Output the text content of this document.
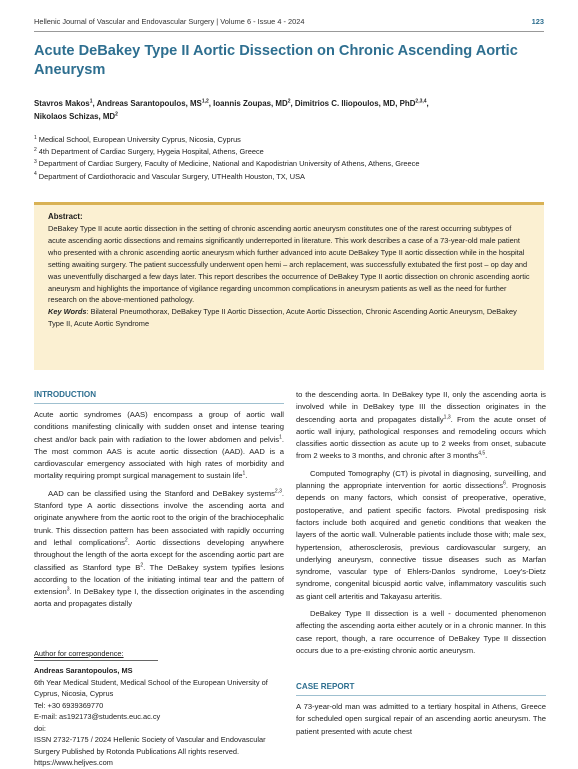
Hellenic Journal of Vascular and Endovascular Surgery | Volume 6 - Issue 4 - 2024	123
Acute DeBakey Type II Aortic Dissection on Chronic Ascending Aortic Aneurysm
Stavros Makos$^1$, Andreas Sarantopoulos, MS$^{1,2}$, Ioannis Zoupas, $MD^2$, Dimitrios C. Iliopoulos, MD, PhD$^{2,3,4}$,
Nikolaos Schizas, $MD^2$
$^1$ Medical School, European University Cyprus, Nicosia, Cyprus
$^2$ 4th Department of Cardiac Surgery, Hygeia Hospital, Athens, Greece
$^3$ Department of Cardiac Surgery, Faculty of Medicine, National and Kapodistrian University of Athens, Athens, Greece
$^4$ Department of Cardiothoracic and Vascular Surgery, UTHealth Houston, TX, USA
Abstract:

DeBakey Type II acute aortic dissection in the setting of chronic ascending aortic aneurysm constitutes one of the rarest occurring subtypes of acute ascending aortic dissections and remains significantly underreported in literature. This work describes a case of a 73-year-old male patient who presented with a chronic ascending aortic aneurysm which further advanced into acute DeBakey Type II aortic dissection while in the hospital setting awaiting surgery. The patient successfully underwent open hemi – arch replacement, was successfully extubated the first post – op day and was uneventfully discharged a few days later. This report describes the occurrence of DeBakey Type II aortic dissection on chronic ascending aortic aneurysm and highlights the importance of vigilance regarding uncommon complications in aneurysm patients as well as the need for further research on the above-mentioned pathology.

Key Words: Bilateral Pneumothorax, DeBakey Type II Aortic Dissection, Acute Aortic Dissection, Chronic Ascending Aortic Aneurysm, DeBakey Type II, Acute Aortic Syndrome

INTRODUCTION

Acute aortic syndromes (AAS) encompass a group of aortic wall conditions manifesting clinically with sudden onset and intense tearing chest and/or back pain with radiation to the lower abdomen and pelvis$^1$. The most common AAS is acute aortic dissection (AAD). AAD is a cardiovascular emergency associated with high rates of morbidity and mortality requiring prompt surgical management to sustain life$^1$.

AAD can be classified using the Stanford and DeBakey systems$^{2,3}$. Stanford type A aortic dissections involve the ascending aorta and originate anywhere from the aortic root to the origin of the brachiocephalic trunk. This dissection pattern has been associated with rapidly occurring and lethal complications$^2$. Aortic dissections developing anywhere throughout the length of the aorta except for the ascending aortic part are classified as Stanford type $B^2$. The DeBakey system typifies lesions according to the location of the initiating intimal tear and the pattern of extension$^3$. In DeBakey type I, the dissection originates in the ascending aorta and propagates distally

Author for correspondence:
Andreas Sarantopoulos, MS
6th Year Medical Student, Medical School of the European University of Cyprus, Nicosia, Cyprus
Tel: +30 6939369770
E-mail: as192173@students.euc.ac.cy
doi:
ISSN 2732-7175 / 2024 Hellenic Society of Vascular and Endovascular Surgery Published by Rotonda Publications All rights reserved. https://www.heljves.com

to the descending aorta. In DeBakey type II, only the ascending aorta is involved while in DeBakey type III the dissection originates in the descending aorta and propagates distally$^{1,3}$. From the acute onset of aortic wall injury, pathological responses and remodeling occurs which classifies aortic dissection as acute up to 2 weeks from onset, subacute from 2 weeks to 3 months, and chronic after 3 months$^{4,5}$.

Computed Tomography (CT) is pivotal in diagnosing, surveilling, and planning the appropriate intervention for aortic dissections$^6$. Prognosis depends on many factors, which consist of preoperative, operative, postoperative, and patient specific factors. Pivotal predisposing risk factors include both acquired and genetic conditions that weaken the layers of the aortic wall. Vulnerable patients include those with; male sex, hypertension, atherosclerosis, previous cardiovascular surgery, an underlying aneurysm, connective tissue diseases such as Marfan syndrome, vascular type of Ehlers-Danlos syndrome, Loey’s-Dietz syndrome, congenital bicuspid aortic valve, inflammatory vasculitis such as giant cell arteritis and Takayasu arteritis.

DeBakey Type II dissection is a well - documented phenomenon affecting the ascending aorta either acutely or in a chronic manner. In this case report, though, a rare occurrence of DeBakey Type II dissection occurs due to a pre-existing chronic aortic aneurysm.

CASE REPORT

A 73-year-old man was admitted to a tertiary hospital in Athens, Greece for scheduled open surgical repair of an ascending aortic aneurysm. The patient presented with acute chest
